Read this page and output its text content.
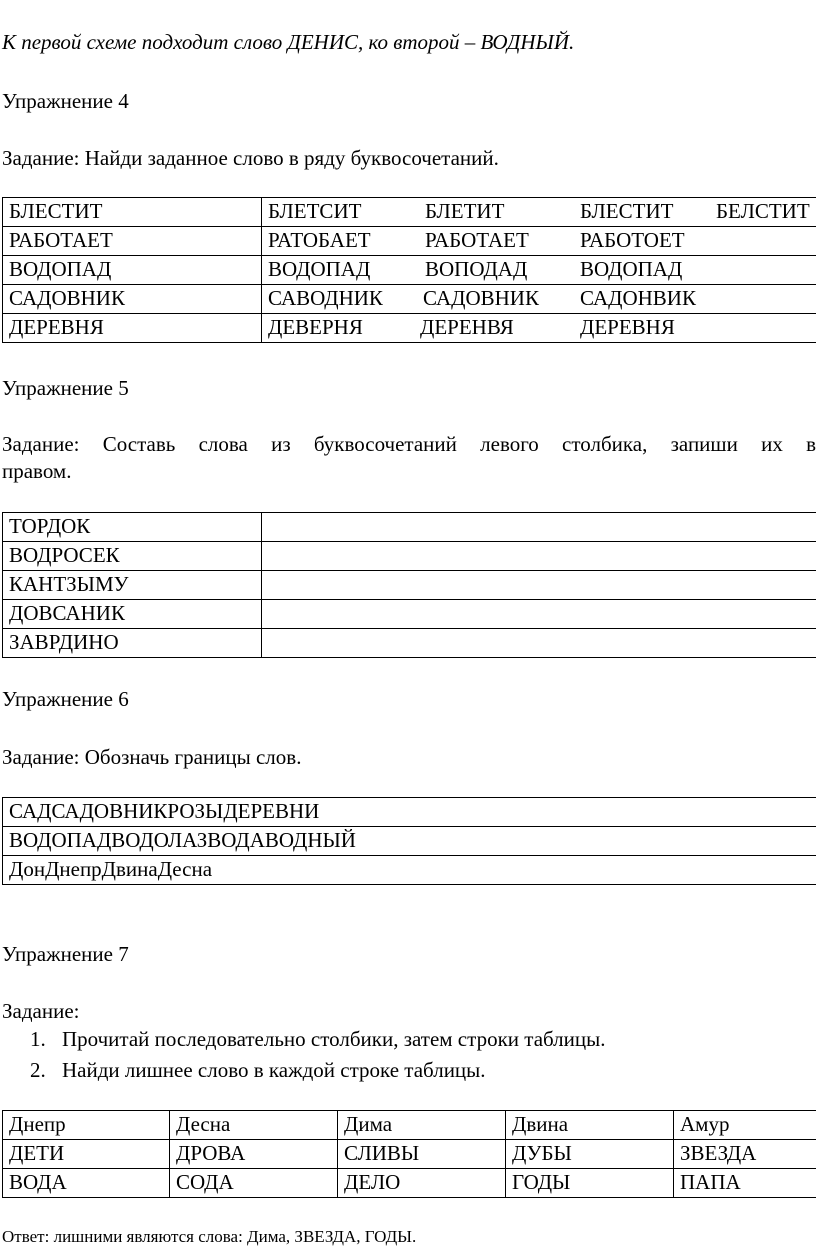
К первой схеме подходит слово ДЕНИС, ко второй – ВОДНЫЙ.
Упражнение 4
Задание: Найди заданное слово в ряду буквосочетаний.
БЛЕСТИТ	БЛЕТСИТ БЛЕТИТ БЛЕСТИТ БЕЛСТИТ
РАБОТАЕТ	РАТОБАЕТ РАБОТАЕТ РАБОТОЕТ
ВОДОПАД	ВОДОПАД ВОПОДАД ВОДОПАД
САДОВНИК	САВОДНИК САДОВНИК САДОНВИК
ДЕРЕВНЯ	ДЕВЕРНЯ ДЕРЕНВЯ ДЕРЕВНЯ
Упражнение 5
Задание: Составь слова из буквосочетаний левого столбика, запиши их в
правом.
ТОРДОК	
ВОДРОСЕК	
КАНТЗЫМУ	
ДОВСАНИК	
ЗАВРДИНО	
Упражнение 6
Задание: Обозначь границы слов.
САДСАДОВНИКРОЗЫДЕРЕВНИ
ВОДОПАДВОДОЛАЗВОДАВОДНЫЙ
ДонДнепрДвинаДесна
Упражнение 7
Задание:
1. Прочитай последовательно столбики, затем строки таблицы.
2. Найди лишнее слово в каждой строке таблицы.
Днепр	Десна	Дима	Двина	Амур
ДЕТИ	ДРОВА	СЛИВЫ	ДУБЫ	ЗВЕЗДА
ВОДА	СОДА	ДЕЛО	ГОДЫ	ПАПА
Ответ: лишними являются слова: Дима, ЗВЕЗДА, ГОДЫ.
